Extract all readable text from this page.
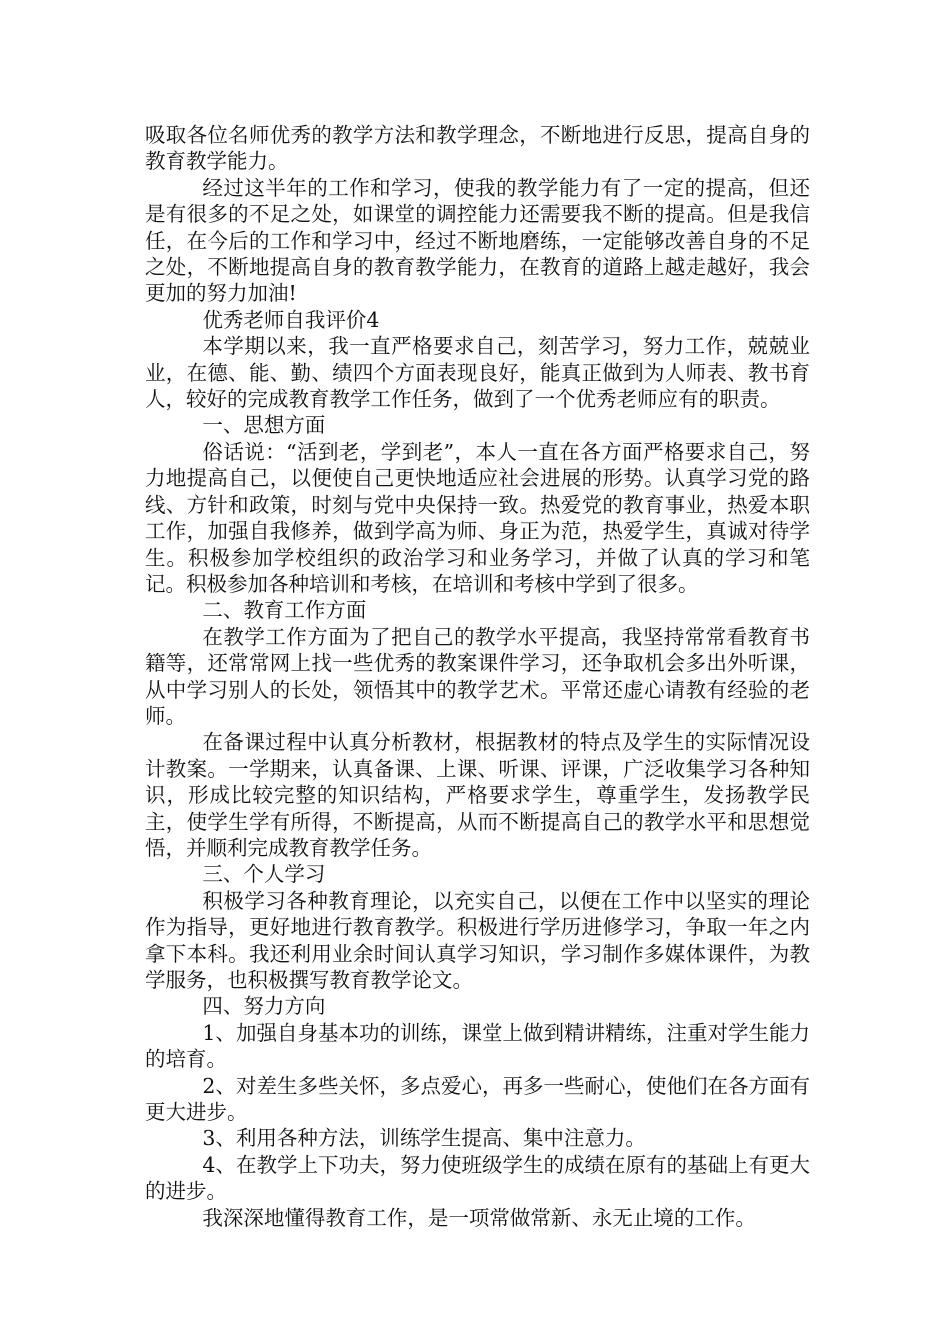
吸取各位名师优秀的教学方法和教学理念，不断地进行反思，提高自身的教育教学能力。

经过这半年的工作和学习，使我的教学能力有了一定的提高，但还是有很多的不足之处，如课堂的调控能力还需要我不断的提高。但是我信任，在今后的工作和学习中，经过不断地磨练，一定能够改善自身的不足之处，不断地提高自身的教育教学能力，在教育的道路上越走越好，我会更加的努力加油!

优秀老师自我评价4

本学期以来，我一直严格要求自己，刻苦学习，努力工作，兢兢业业，在德、能、勤、绩四个方面表现良好，能真正做到为人师表、教书育人，较好的完成教育教学工作任务，做到了一个优秀老师应有的职责。

一、思想方面

俗话说：“活到老，学到老”，本人一直在各方面严格要求自己，努力地提高自己，以便使自己更快地适应社会进展的形势。认真学习党的路线、方针和政策，时刻与党中央保持一致。热爱党的教育事业，热爱本职工作，加强自我修养，做到学高为师、身正为范，热爱学生，真诚对待学生。积极参加学校组织的政治学习和业务学习，并做了认真的学习和笔记。积极参加各种培训和考核，在培训和考核中学到了很多。

二、教育工作方面

在教学工作方面为了把自己的教学水平提高，我坚持常常看教育书籍等，还常常网上找一些优秀的教案课件学习，还争取机会多出外听课，从中学习别人的长处，领悟其中的教学艺术。平常还虚心请教有经验的老师。

在备课过程中认真分析教材，根据教材的特点及学生的实际情况设计教案。一学期来，认真备课、上课、听课、评课，广泛收集学习各种知识，形成比较完整的知识结构，严格要求学生，尊重学生，发扬教学民主，使学生学有所得，不断提高，从而不断提高自己的教学水平和思想觉悟，并顺利完成教育教学任务。

三、个人学习

积极学习各种教育理论，以充实自己，以便在工作中以坚实的理论作为指导，更好地进行教育教学。积极进行学历进修学习，争取一年之内拿下本科。我还利用业余时间认真学习知识，学习制作多媒体课件，为教学服务，也积极撰写教育教学论文。

四、努力方向

1、加强自身基本功的训练，课堂上做到精讲精练，注重对学生能力的培育。

2、对差生多些关怀，多点爱心，再多一些耐心，使他们在各方面有更大进步。

3、利用各种方法，训练学生提高、集中注意力。

4、在教学上下功夫，努力使班级学生的成绩在原有的基础上有更大的进步。

我深深地懂得教育工作，是一项常做常新、永无止境的工作。
